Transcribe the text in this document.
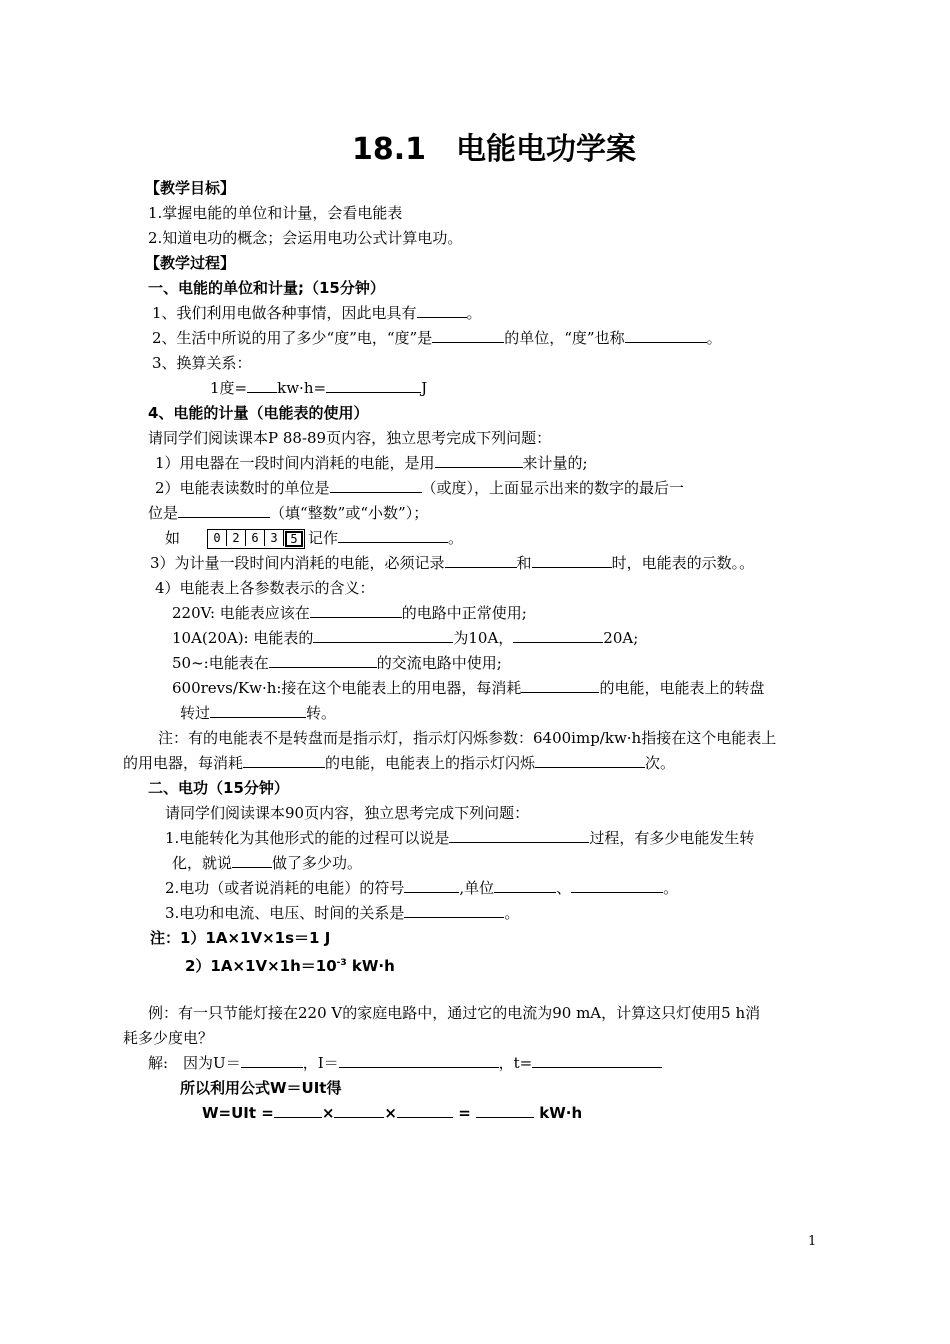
18.1　电能电功学案
【教学目标】
1.掌握电能的单位和计量，会看电能表
2.知道电功的概念；会运用电功公式计算电功。
【教学过程】
一、电能的单位和计量;（15分钟）
1、我们利用电做各种事情，因此电具有	。
2、生活中所说的用了多少“度”电，“度”是	的单位，“度”也称	。
3、换算关系：
1度= kw·h=	J
4、电能的计量（电能表的使用）
请同学们阅读课本P 88-89页内容，独立思考完成下列问题：
1）用电器在一段时间内消耗的电能，是用	来计量的;
2）电能表读数时的单位是	（或度），上面显示出来的数字的最后一
位是	（填“整数”或“小数”）；
如	0 2 6 3	5 记作	。
3）为计量一段时间内消耗的电能，必须记录	和	时，电能表的示数。。
4）电能表上各参数表示的含义：
220V: 电能表应该在	的电路中正常使用;
10A(20A): 电能表的	为10A，	20A;
50~:电能表在	的交流电路中使用;
600revs/Kw·h:接在这个电能表上的用电器，每消耗	的电能，电能表上的转盘
转过	转。
注：有的电能表不是转盘而是指示灯，指示灯闪烁参数：6400imp/kw·h指接在这个电能表上
的用电器，每消耗	的电能，电能表上的指示灯闪烁	次。
二、电功（15分钟）
请同学们阅读课本90页内容，独立思考完成下列问题：
1.电能转化为其他形式的能的过程可以说是	过程，有多少电能发生转
化，就说	做了多少功。
2.电功（或者说消耗的电能）的符号	,单位	、	。
3.电功和电流、电压、时间的关系是	。
注：1）1A×1V×1s＝1 J
$2)1A\times 1V\times 1h=10^{-3}$ kW·h
例：有一只节能灯接在220 V的家庭电路中，通过它的电流为90 mA，计算这只灯使用5 h消
耗多少度电？
解:　因为U＝	，I＝	，t=
所以利用公式W＝UIt得
W=UIt =	×	×	=	kW·h
1
